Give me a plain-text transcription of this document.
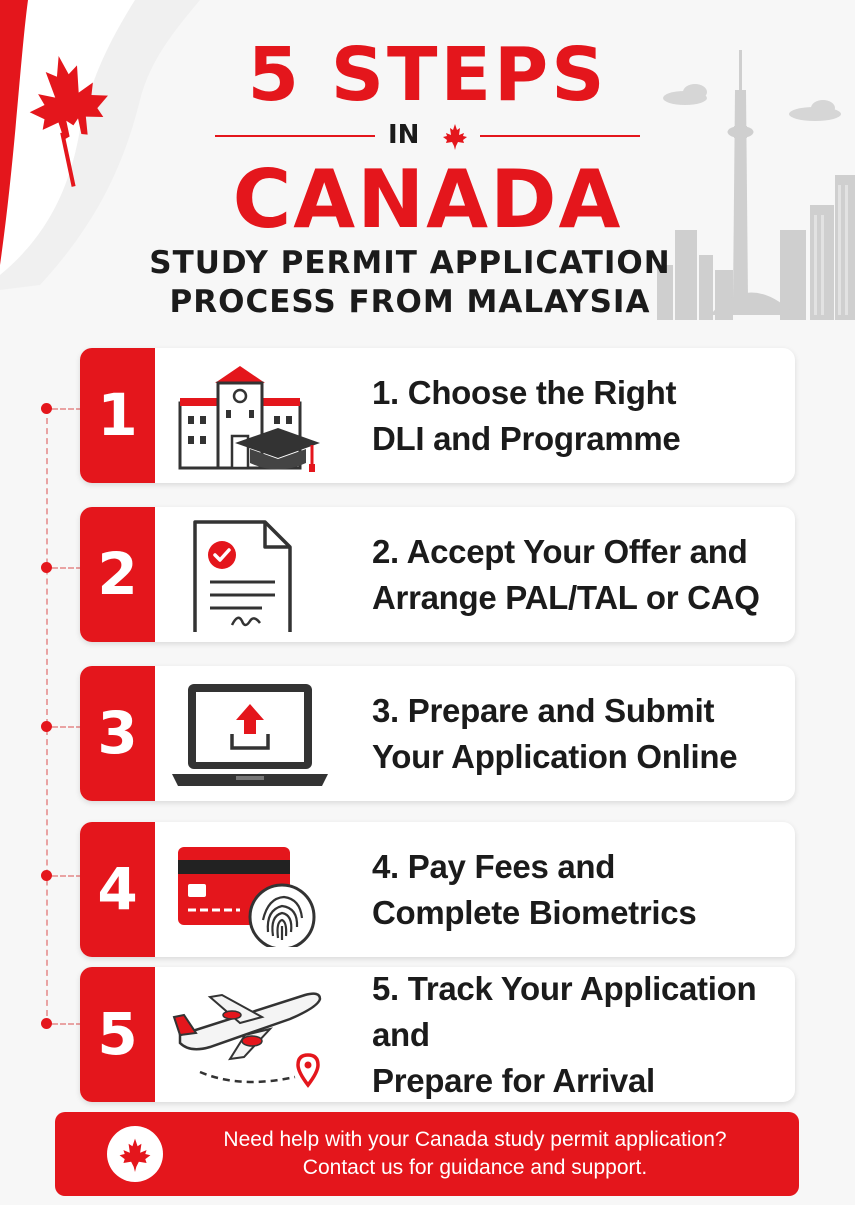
5 STEPS
IN
CANADA
STUDY PERMIT APPLICATION
PROCESS FROM MALAYSIA
1	1. Choose the Right
DLI and Programme
2	2. Accept Your Offer and
Arrange PAL/TAL or CAQ
3	3. Prepare and Submit
Your Application Online
4	4. Pay Fees and
Complete Biometrics
5
5. Track Your Application and
Prepare for Arrival
Need help with your Canada study permit application?
Contact us for guidance and support.
